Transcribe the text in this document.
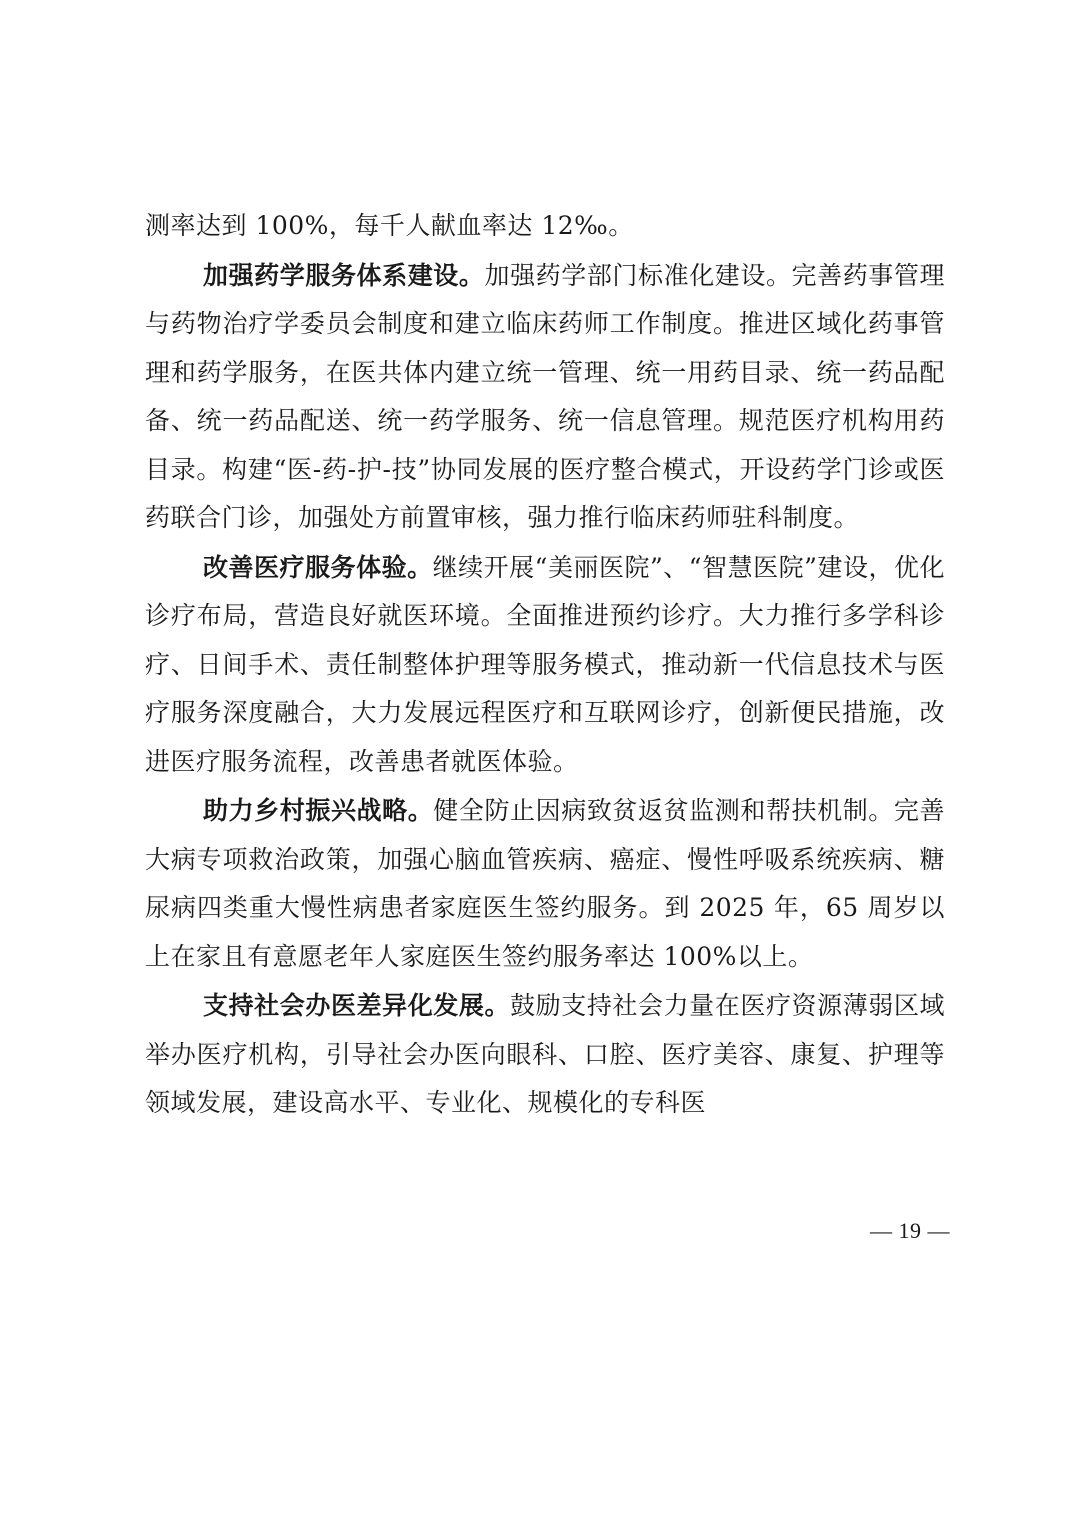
测率达到 100%，每千人献血率达 12‰。

加强药学服务体系建设。加强药学部门标准化建设。完善药事管理与药物治疗学委员会制度和建立临床药师工作制度。推进区域化药事管理和药学服务，在医共体内建立统一管理、统一用药目录、统一药品配备、统一药品配送、统一药学服务、统一信息管理。规范医疗机构用药目录。构建“医-药-护-技”协同发展的医疗整合模式，开设药学门诊或医药联合门诊，加强处方前置审核，强力推行临床药师驻科制度。

改善医疗服务体验。继续开展“美丽医院”、“智慧医院”建设，优化诊疗布局，营造良好就医环境。全面推进预约诊疗。大力推行多学科诊疗、日间手术、责任制整体护理等服务模式，推动新一代信息技术与医疗服务深度融合，大力发展远程医疗和互联网诊疗，创新便民措施，改进医疗服务流程，改善患者就医体验。

助力乡村振兴战略。健全防止因病致贫返贫监测和帮扶机制。完善大病专项救治政策，加强心脑血管疾病、癌症、慢性呼吸系统疾病、糖尿病四类重大慢性病患者家庭医生签约服务。到 2025 年，65 周岁以上在家且有意愿老年人家庭医生签约服务率达 100%以上。

支持社会办医差异化发展。鼓励支持社会力量在医疗资源薄弱区域举办医疗机构，引导社会办医向眼科、口腔、医疗美容、康复、护理等领域发展，建设高水平、专业化、规模化的专科医

— 19 —
